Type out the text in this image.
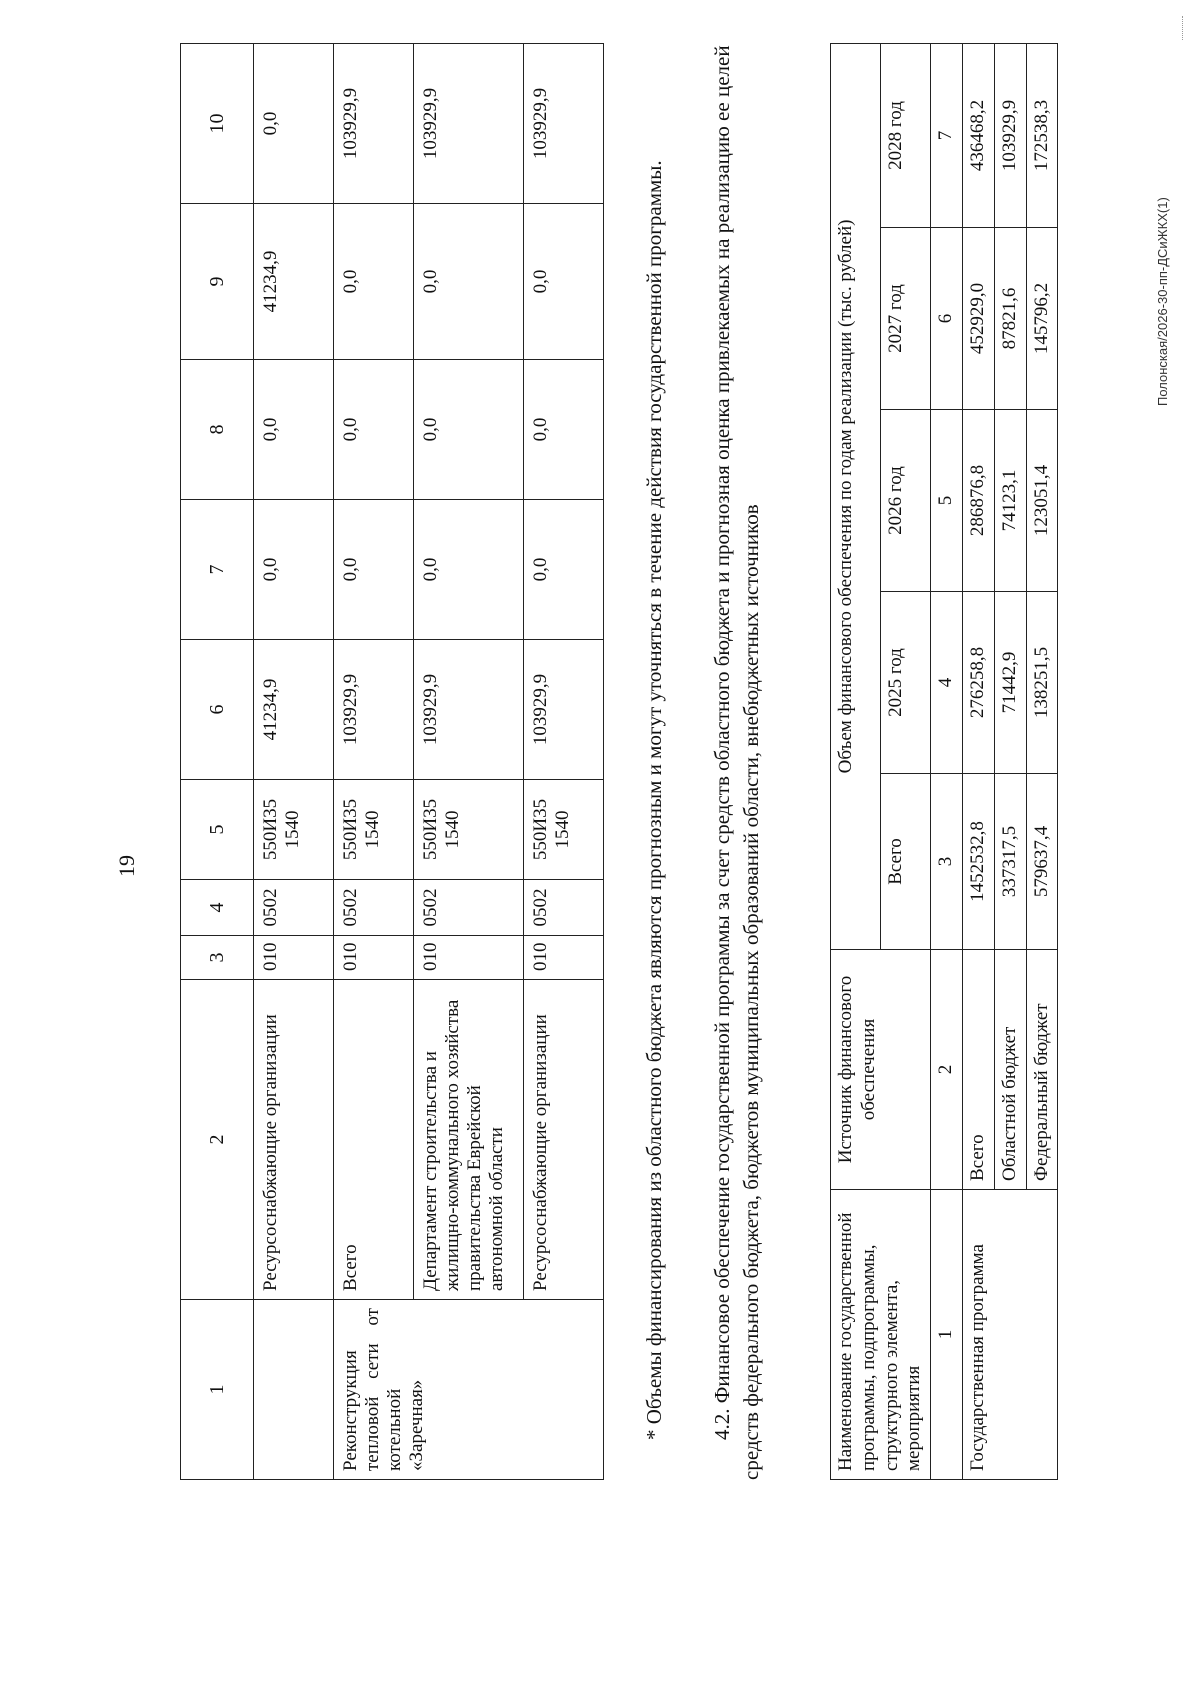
19
1	2	3	4	5	6	7	8	9	10
	Ресурсоснабжающие организации	010	0502	550И35 1540	41234,9	0,0	0,0	41234,9	0,0
Реконструкция тепловой сети от котельной «Заречная»	Всего	010	0502	550И35 1540	103929,9	0,0	0,0	0,0	103929,9
	Департамент строительства и жилищно-коммунального хозяйства правительства Еврейской автономной области	010	0502	550И35 1540	103929,9	0,0	0,0	0,0	103929,9
	Ресурсоснабжающие организации	010	0502	550И35 1540	103929,9	0,0	0,0	0,0	103929,9
* Объемы финансирования из областного бюджета являются прогнозным и могут уточняться в течение действия государственной программы. 4.2. Финансовое обеспечение государственной программы за счет средств областного бюджета и прогнозная оценка привлекаемых на реализацию ее целей средств федерального бюджета, бюджетов муниципальных образований области, внебюджетных источников	Наименование государственной программы, подпрограммы, структурного элемента, мероприятия	Источник финансового обеспечения	Объем финансового обеспечения по годам реализации (тыс. рублей)				
		Всего	2025 год	2026 год	2027 год	2028 год
1	2	3	4	5	6	7
Государственная программа	Всего	1452532,8	276258,8	286876,8	452929,0	436468,2
	Областной бюджет	337317,5	71442,9	74123,1	87821,6	103929,9
	Федеральный бюджет	579637,4	138251,5	123051,4	145796,2	172538,3
Полонская/2026-30-пп-ДСиЖКХ(1)
